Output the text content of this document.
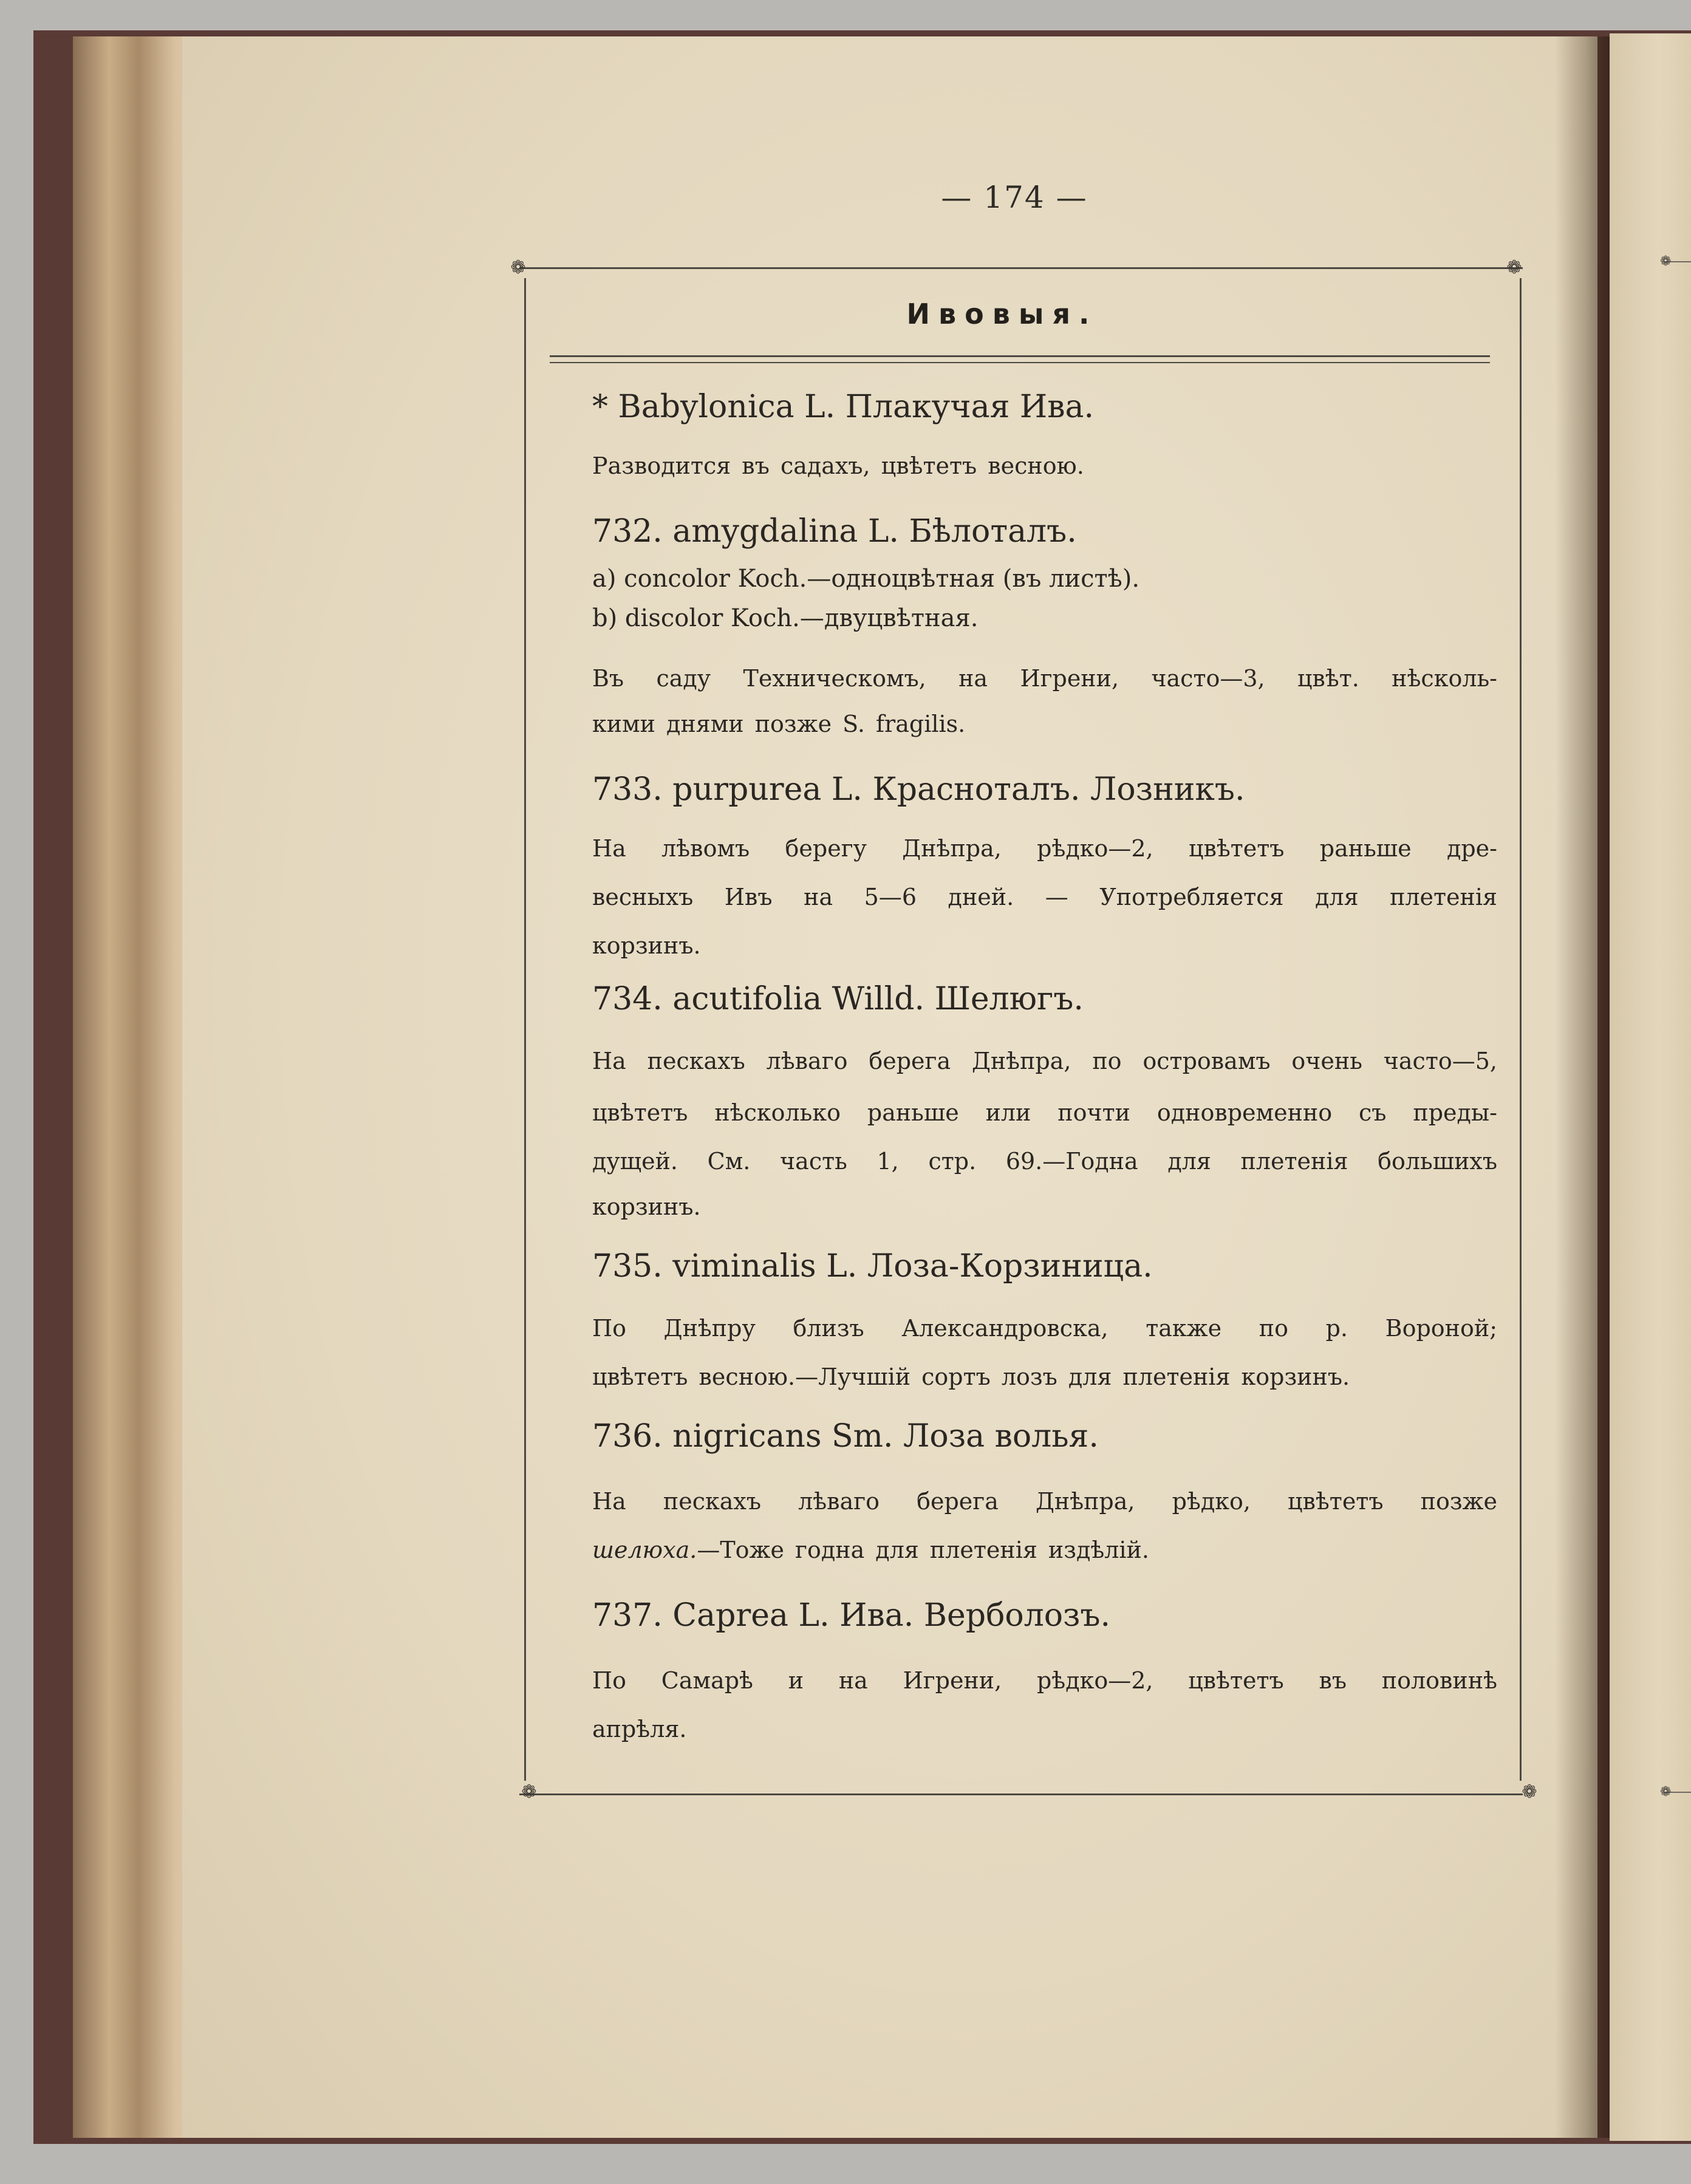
❁
❁
— 174 —
❁	❁
❁	❁
Ивовыя.
* Babylonica L. Плакучая Ива.
Разводится въ садахъ, цвѣтетъ весною.
732. amygdalina L. Бѣлоталъ.
а) concolor Koch.—одноцвѣтная (въ листѣ).
b) discolor Koch.—двуцвѣтная.
Въ саду Техническомъ, на Игрени, часто—3, цвѣт. нѣсколь-
кими днями позже S. fragilis.
733. purpurea L. Красноталъ. Лозникъ.
На лѣвомъ берегу Днѣпра, рѣдко—2, цвѣтетъ раньше дре-
весныхъ Ивъ на 5—6 дней. — Употребляется для плетенія
корзинъ.
734. acutifolia Willd. Шелюгъ.
На пескахъ лѣваго берега Днѣпра, по островамъ очень часто—5,
цвѣтетъ нѣсколько раньше или почти одновременно съ преды-
дущей. См. часть 1, стр. 69.—Годна для плетенія большихъ
корзинъ.
735. viminalis L. Лоза-Корзиница.
По Днѣпру близъ Александровска, также по р. Вороной;
цвѣтетъ весною.—Лучшій сортъ лозъ для плетенія корзинъ.
736. nigricans Sm. Лоза волья.
На пескахъ лѣваго берега Днѣпра, рѣдко, цвѣтетъ позже
шелюха.—Тоже годна для плетенія издѣлій.
737. Caprea L. Ива. Верболозъ.
По Самарѣ и на Игрени, рѣдко—2, цвѣтетъ въ половинѣ
апрѣля.
